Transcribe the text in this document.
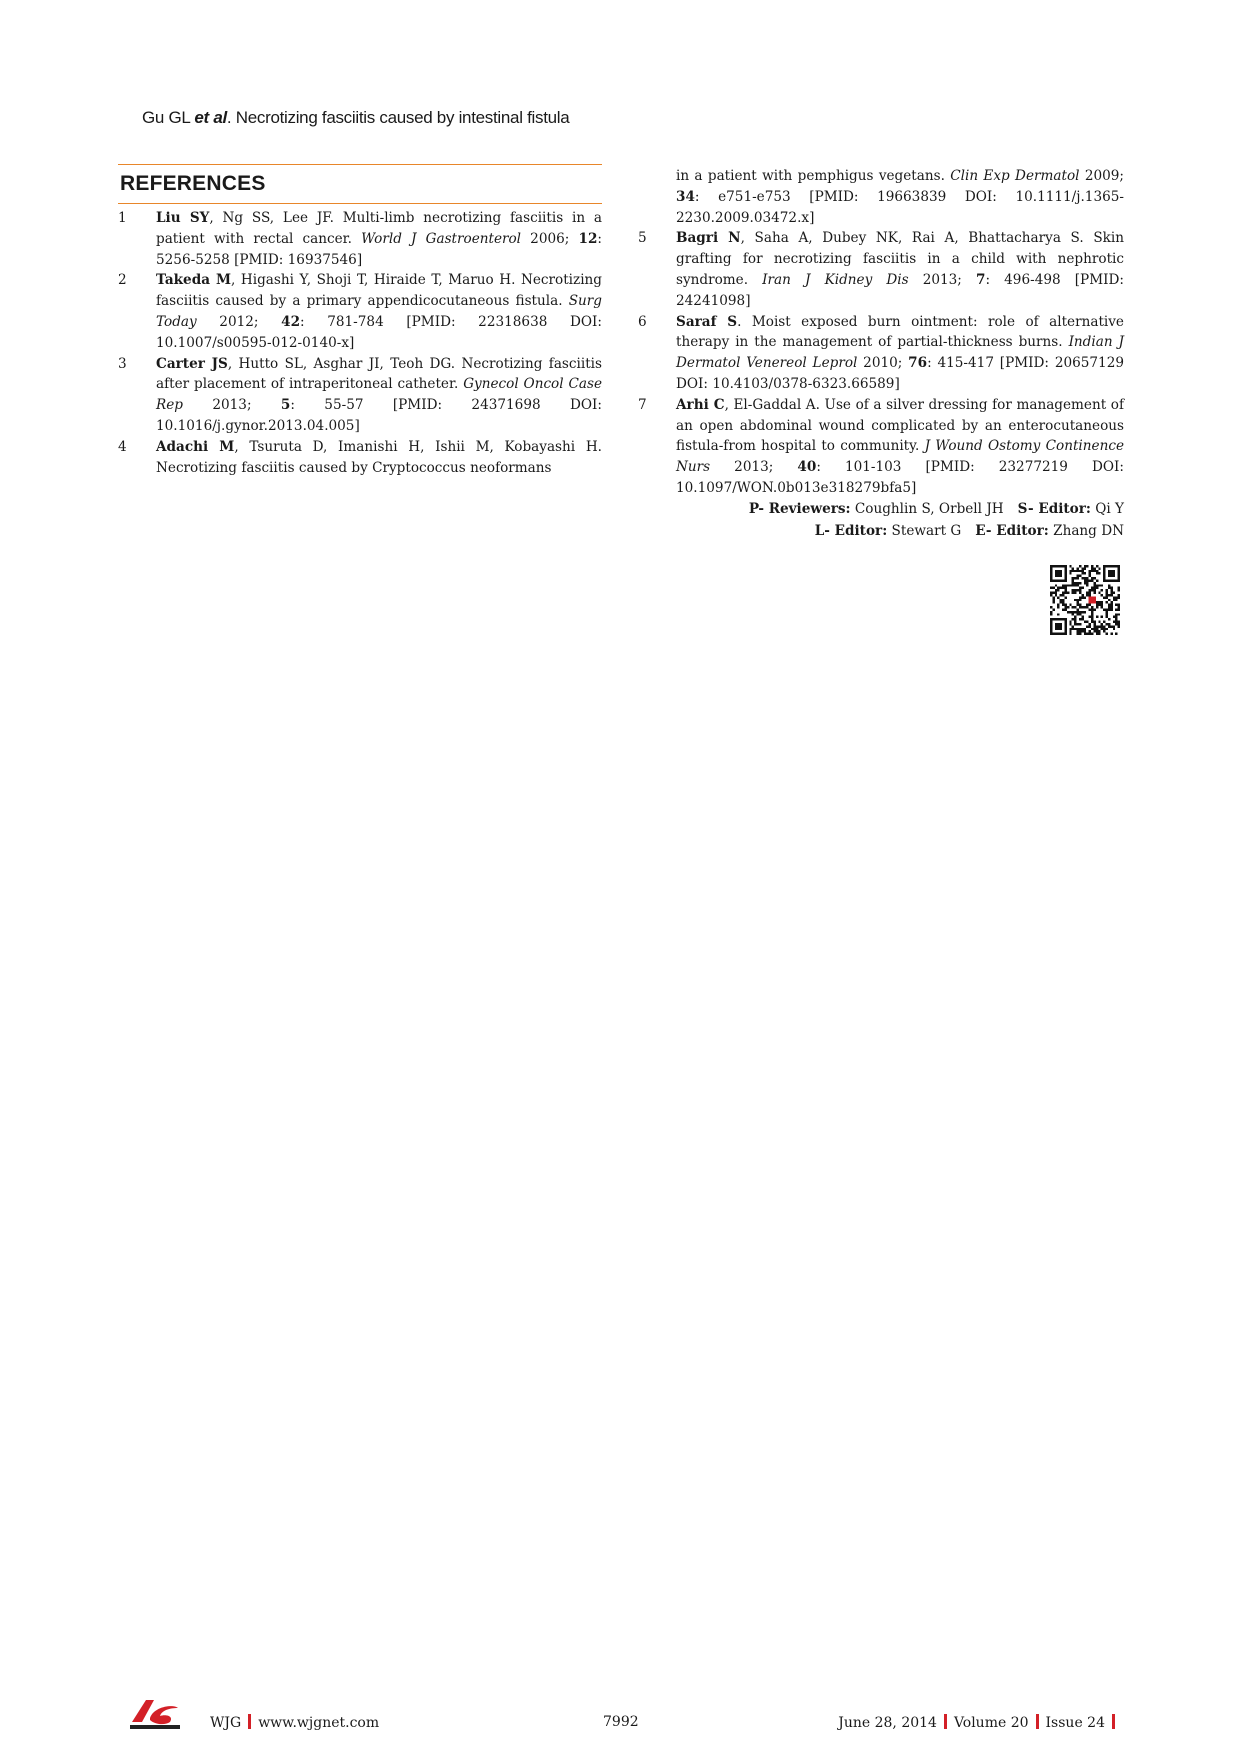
Gu GL et al. Necrotizing fasciitis caused by intestinal fistula
REFERENCES
1	Liu SY, Ng SS, Lee JF. Multi-limb necrotizing fasciitis in a patient with rectal cancer. World J Gastroenterol 2006; 12: 5256-5258 [PMID: 16937546]
2	Takeda M, Higashi Y, Shoji T, Hiraide T, Maruo H. Necrotizing fasciitis caused by a primary appendicocutaneous fistula. Surg Today 2012; 42: 781-784 [PMID: 22318638 DOI: 10.1007/s00595-012-0140-x]
3	Carter JS, Hutto SL, Asghar JI, Teoh DG. Necrotizing fasciitis after placement of intraperitoneal catheter. Gynecol Oncol Case Rep 2013; 5: 55-57 [PMID: 24371698 DOI: 10.1016/j.gynor.2013.04.005]
4	Adachi M, Tsuruta D, Imanishi H, Ishii M, Kobayashi H. Necrotizing fasciitis caused by Cryptococcus neoformans
in a patient with pemphigus vegetans. Clin Exp Dermatol 2009; 34: e751-e753 [PMID: 19663839 DOI: 10.1111/j.1365-2230.2009.03472.x]
5	Bagri N, Saha A, Dubey NK, Rai A, Bhattacharya S. Skin grafting for necrotizing fasciitis in a child with nephrotic syndrome. Iran J Kidney Dis 2013; 7: 496-498 [PMID: 24241098]
6	Saraf S. Moist exposed burn ointment: role of alternative therapy in the management of partial-thickness burns. Indian J Dermatol Venereol Leprol 2010; 76: 415-417 [PMID: 20657129 DOI: 10.4103/0378-6323.66589]
7	Arhi C, El-Gaddal A. Use of a silver dressing for management of an open abdominal wound complicated by an enterocutaneous fistula-from hospital to community. J Wound Ostomy Continence Nurs 2013; 40: 101-103 [PMID: 23277219 DOI: 10.1097/WON.0b013e318279bfa5]
P- Reviewers: Coughlin S, Orbell JH S- Editor: Qi Y
L- Editor: Stewart G E- Editor: Zhang DN
WJG www.wjgnet.com	7992	June 28, 2014 Volume 20 Issue 24
